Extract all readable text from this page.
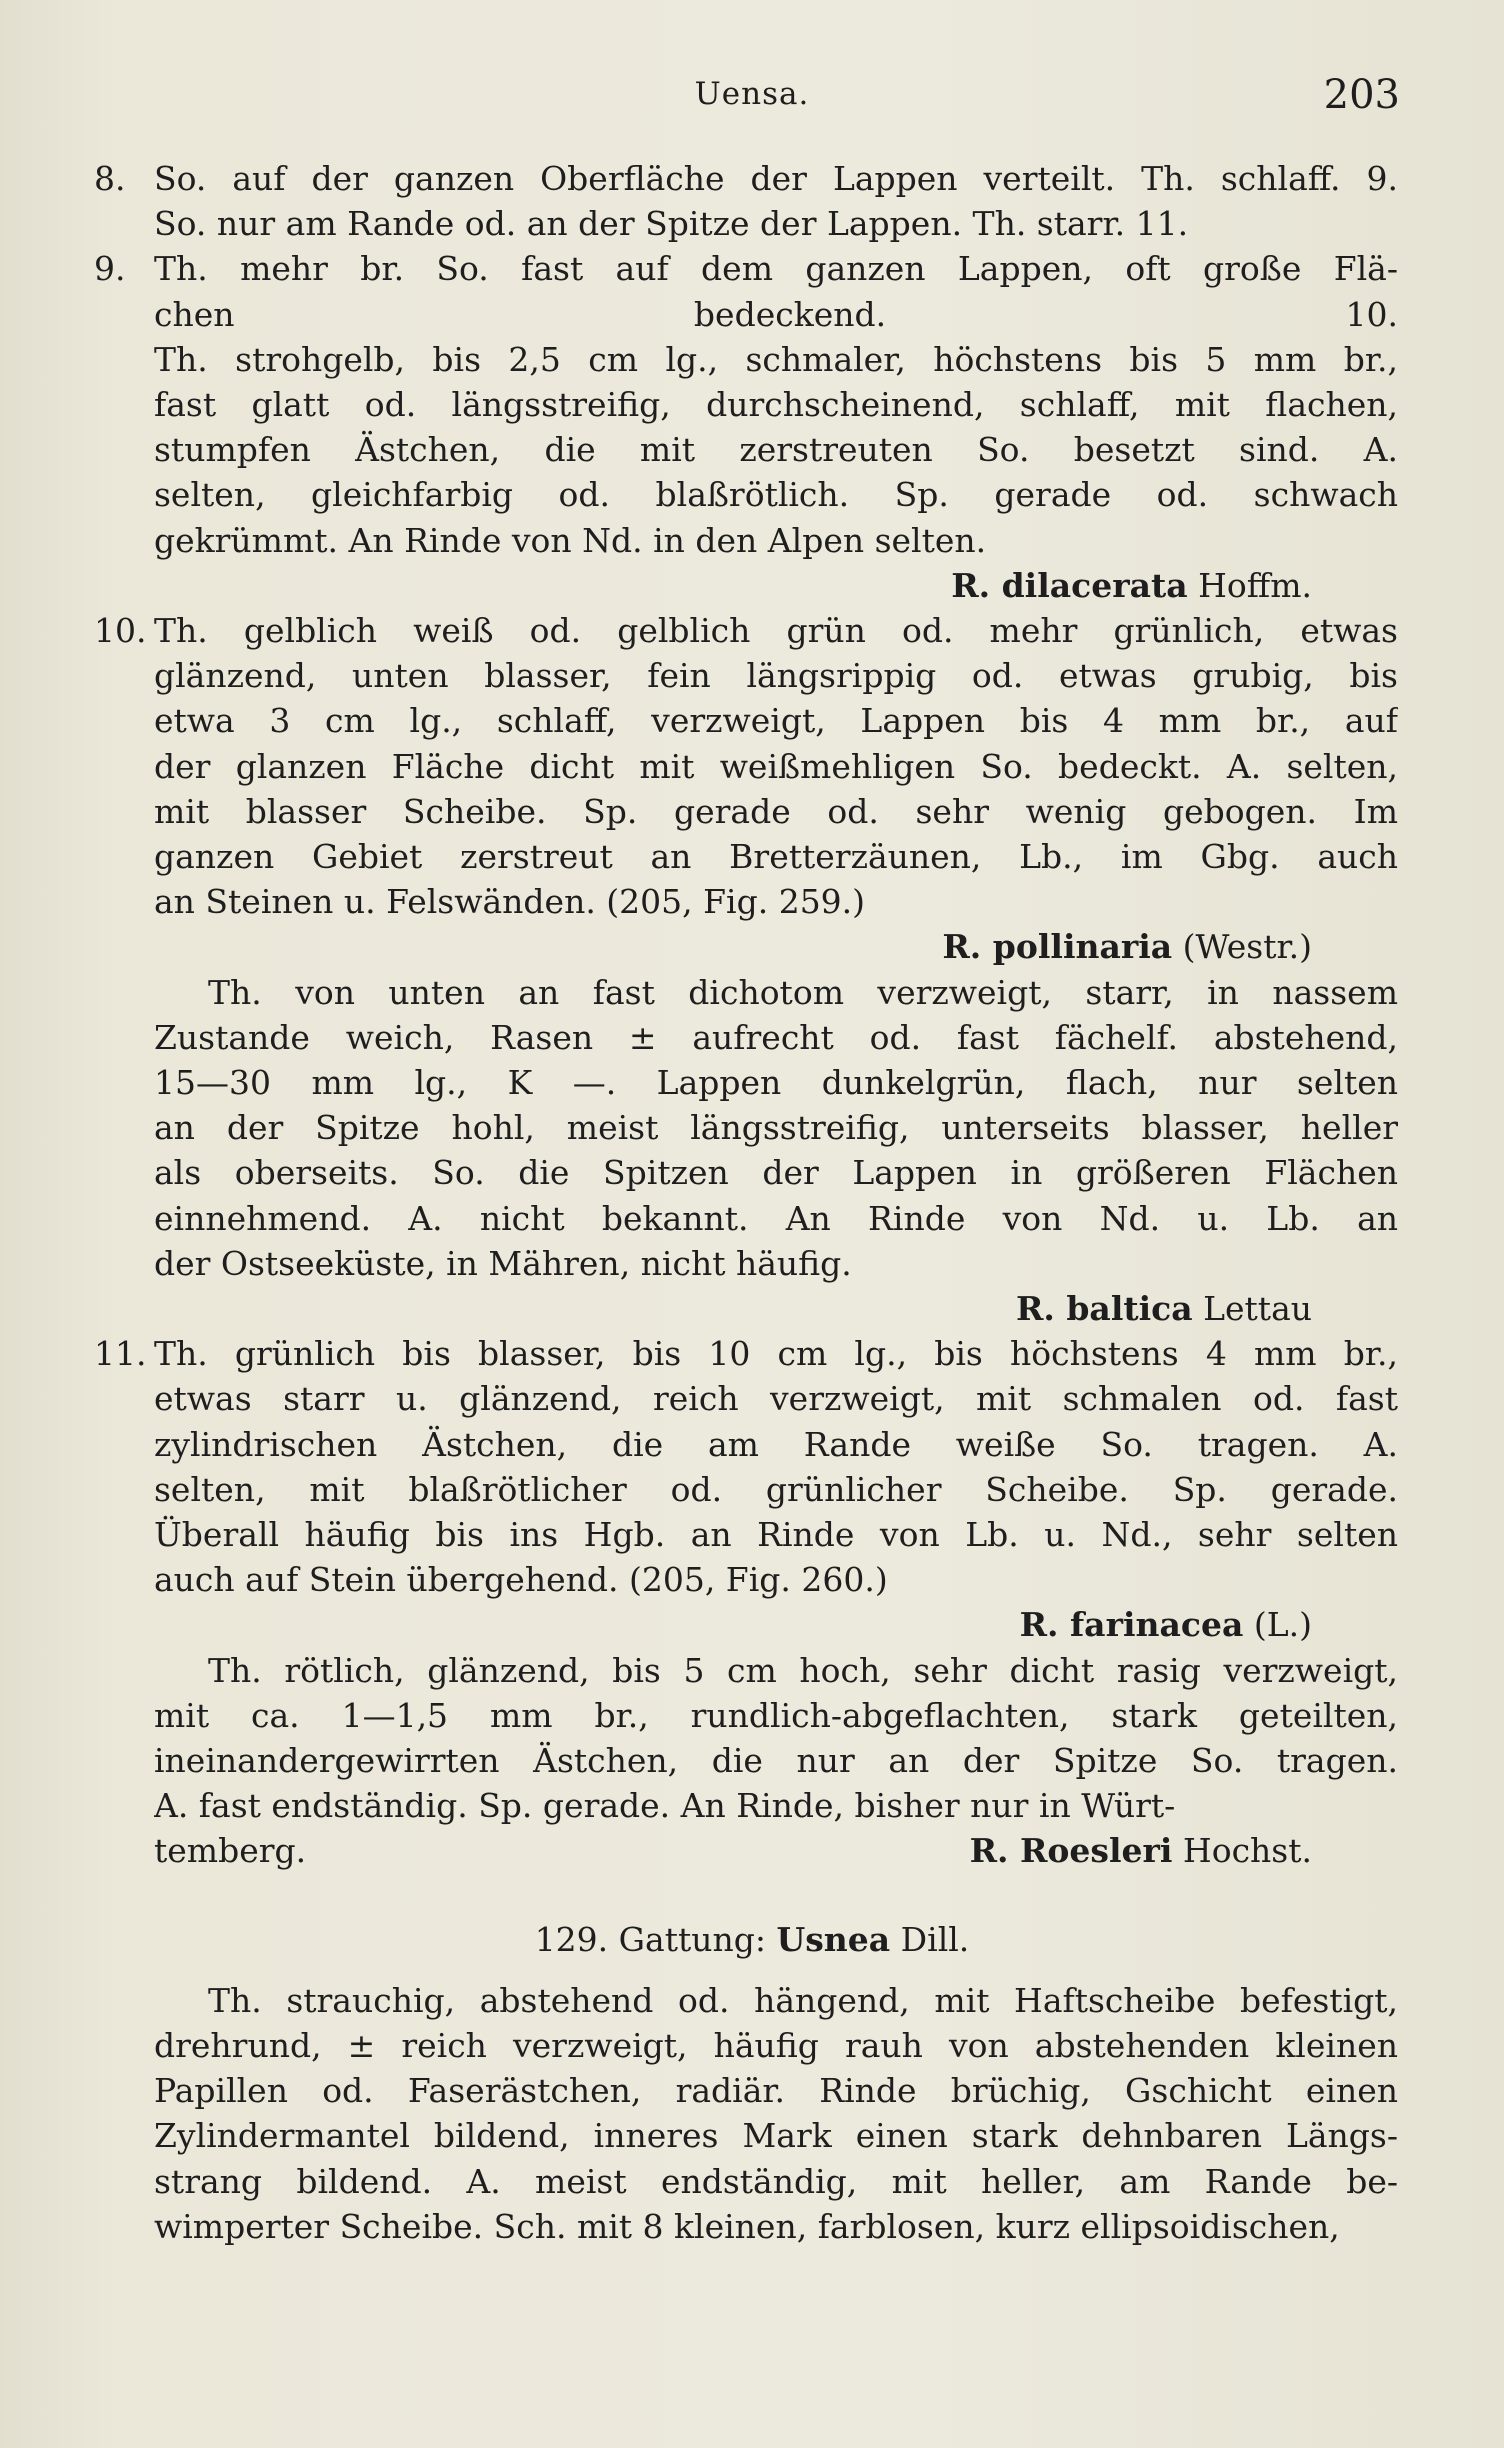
Uensa.	203
8. So. auf der ganzen Oberfläche der Lappen verteilt. Th. schlaff. 9.
So. nur am Rande od. an der Spitze der Lappen. Th. starr. 11.
9. Th. mehr br. So. fast auf dem ganzen Lappen, oft große Flä-
chen bedeckend. 10.
Th. strohgelb, bis 2,5 cm lg., schmaler, höchstens bis 5 mm br.,
fast glatt od. längsstreifig, durchscheinend, schlaff, mit flachen,
stumpfen Ästchen, die mit zerstreuten So. besetzt sind. A.
selten, gleichfarbig od. blaßrötlich. Sp. gerade od. schwach
gekrümmt. An Rinde von Nd. in den Alpen selten.
R. dilacerata Hoffm.
10. Th. gelblich weiß od. gelblich grün od. mehr grünlich, etwas
glänzend, unten blasser, fein längsrippig od. etwas grubig, bis
etwa 3 cm lg., schlaff, verzweigt, Lappen bis 4 mm br., auf
der glanzen Fläche dicht mit weißmehligen So. bedeckt. A. selten,
mit blasser Scheibe. Sp. gerade od. sehr wenig gebogen. Im
ganzen Gebiet zerstreut an Bretterzäunen, Lb., im Gbg. auch
an Steinen u. Felswänden. (205, Fig. 259.)
R. pollinaria (Westr.)
Th. von unten an fast dichotom verzweigt, starr, in nassem
Zustande weich, Rasen ± aufrecht od. fast fächelf. abstehend,
15—30 mm lg., K —. Lappen dunkelgrün, flach, nur selten
an der Spitze hohl, meist längsstreifig, unterseits blasser, heller
als oberseits. So. die Spitzen der Lappen in größeren Flächen
einnehmend. A. nicht bekannt. An Rinde von Nd. u. Lb. an
der Ostseeküste, in Mähren, nicht häufig.
R. baltica Lettau
11. Th. grünlich bis blasser, bis 10 cm lg., bis höchstens 4 mm br.,
etwas starr u. glänzend, reich verzweigt, mit schmalen od. fast
zylindrischen Ästchen, die am Rande weiße So. tragen. A.
selten, mit blaßrötlicher od. grünlicher Scheibe. Sp. gerade.
Überall häufig bis ins Hgb. an Rinde von Lb. u. Nd., sehr selten
auch auf Stein übergehend. (205, Fig. 260.)
R. farinacea (L.)
Th. rötlich, glänzend, bis 5 cm hoch, sehr dicht rasig verzweigt,
mit ca. 1—1,5 mm br., rundlich-abgeflachten, stark geteilten,
ineinandergewirrten Ästchen, die nur an der Spitze So. tragen.
A. fast endständig. Sp. gerade. An Rinde, bisher nur in Würt-
temberg.	R. Roesleri Hochst.
129. Gattung: Usnea Dill.
Th. strauchig, abstehend od. hängend, mit Haftscheibe befestigt,
drehrund, ± reich verzweigt, häufig rauh von abstehenden kleinen
Papillen od. Faserästchen, radiär. Rinde brüchig, Gschicht einen
Zylindermantel bildend, inneres Mark einen stark dehnbaren Längs-
strang bildend. A. meist endständig, mit heller, am Rande be-
wimperter Scheibe. Sch. mit 8 kleinen, farblosen, kurz ellipsoidischen,
